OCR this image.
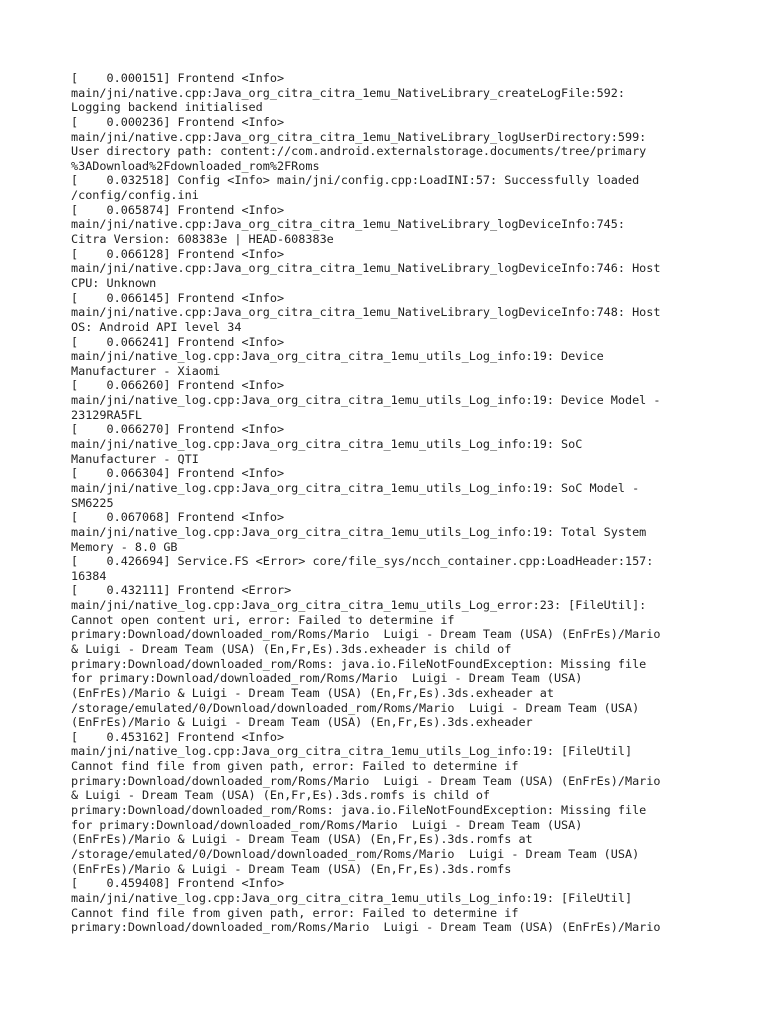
[    0.000151] Frontend <Info>
main/jni/native.cpp:Java_org_citra_citra_1emu_NativeLibrary_createLogFile:592:
Logging backend initialised
[    0.000236] Frontend <Info>
main/jni/native.cpp:Java_org_citra_citra_1emu_NativeLibrary_logUserDirectory:599:
User directory path: content://com.android.externalstorage.documents/tree/primary
%3ADownload%2Fdownloaded_rom%2FRoms
[    0.032518] Config <Info> main/jni/config.cpp:LoadINI:57: Successfully loaded
/config/config.ini
[    0.065874] Frontend <Info>
main/jni/native.cpp:Java_org_citra_citra_1emu_NativeLibrary_logDeviceInfo:745:
Citra Version: 608383e | HEAD-608383e
[    0.066128] Frontend <Info>
main/jni/native.cpp:Java_org_citra_citra_1emu_NativeLibrary_logDeviceInfo:746: Host
CPU: Unknown
[    0.066145] Frontend <Info>
main/jni/native.cpp:Java_org_citra_citra_1emu_NativeLibrary_logDeviceInfo:748: Host
OS: Android API level 34
[    0.066241] Frontend <Info>
main/jni/native_log.cpp:Java_org_citra_citra_1emu_utils_Log_info:19: Device
Manufacturer - Xiaomi
[    0.066260] Frontend <Info>
main/jni/native_log.cpp:Java_org_citra_citra_1emu_utils_Log_info:19: Device Model -
23129RA5FL
[    0.066270] Frontend <Info>
main/jni/native_log.cpp:Java_org_citra_citra_1emu_utils_Log_info:19: SoC
Manufacturer - QTI
[    0.066304] Frontend <Info>
main/jni/native_log.cpp:Java_org_citra_citra_1emu_utils_Log_info:19: SoC Model -
SM6225
[    0.067068] Frontend <Info>
main/jni/native_log.cpp:Java_org_citra_citra_1emu_utils_Log_info:19: Total System
Memory - 8.0 GB
[    0.426694] Service.FS <Error> core/file_sys/ncch_container.cpp:LoadHeader:157:
16384
[    0.432111] Frontend <Error>
main/jni/native_log.cpp:Java_org_citra_citra_1emu_utils_Log_error:23: [FileUtil]:
Cannot open content uri, error: Failed to determine if
primary:Download/downloaded_rom/Roms/Mario  Luigi - Dream Team (USA) (EnFrEs)/Mario
& Luigi - Dream Team (USA) (En,Fr,Es).3ds.exheader is child of
primary:Download/downloaded_rom/Roms: java.io.FileNotFoundException: Missing file
for primary:Download/downloaded_rom/Roms/Mario  Luigi - Dream Team (USA)
(EnFrEs)/Mario & Luigi - Dream Team (USA) (En,Fr,Es).3ds.exheader at
/storage/emulated/0/Download/downloaded_rom/Roms/Mario  Luigi - Dream Team (USA)
(EnFrEs)/Mario & Luigi - Dream Team (USA) (En,Fr,Es).3ds.exheader
[    0.453162] Frontend <Info>
main/jni/native_log.cpp:Java_org_citra_citra_1emu_utils_Log_info:19: [FileUtil]
Cannot find file from given path, error: Failed to determine if
primary:Download/downloaded_rom/Roms/Mario  Luigi - Dream Team (USA) (EnFrEs)/Mario
& Luigi - Dream Team (USA) (En,Fr,Es).3ds.romfs is child of
primary:Download/downloaded_rom/Roms: java.io.FileNotFoundException: Missing file
for primary:Download/downloaded_rom/Roms/Mario  Luigi - Dream Team (USA)
(EnFrEs)/Mario & Luigi - Dream Team (USA) (En,Fr,Es).3ds.romfs at
/storage/emulated/0/Download/downloaded_rom/Roms/Mario  Luigi - Dream Team (USA)
(EnFrEs)/Mario & Luigi - Dream Team (USA) (En,Fr,Es).3ds.romfs
[    0.459408] Frontend <Info>
main/jni/native_log.cpp:Java_org_citra_citra_1emu_utils_Log_info:19: [FileUtil]
Cannot find file from given path, error: Failed to determine if
primary:Download/downloaded_rom/Roms/Mario  Luigi - Dream Team (USA) (EnFrEs)/Mario
